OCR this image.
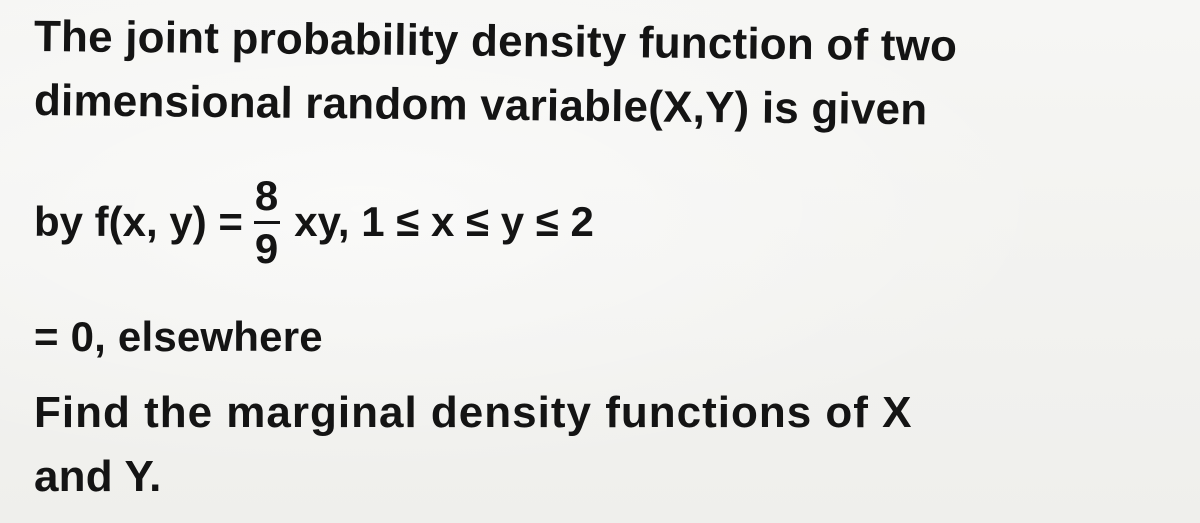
The joint probability density function of two
dimensional random variable(X,Y) is given
by f(x, $y) = \frac{8}{9}$ xy, 1 ≤ x ≤ y ≤ 2
= 0, elsewhere
Find the marginal density functions of X
and Y.
